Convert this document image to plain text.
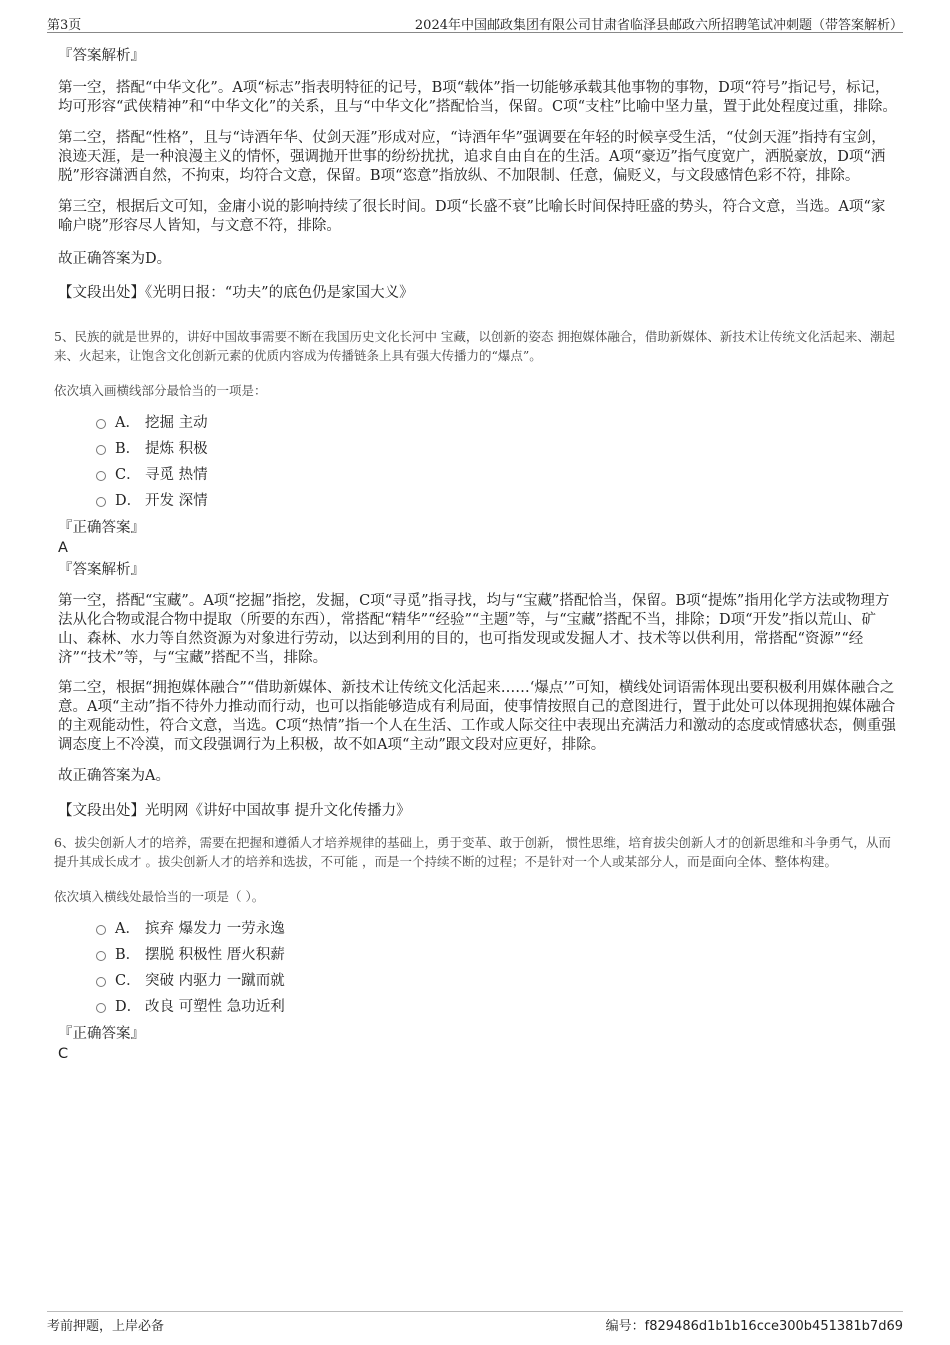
第3页	2024年中国邮政集团有限公司甘肃省临泽县邮政六所招聘笔试冲刺题（带答案解析）

『答案解析』

第一空，搭配“中华文化”。A项“标志”指表明特征的记号，B项“载体”指一切能够承载其他事物的事物，D项“符号”指记号，标记，均可形容“武侠精神”和“中华文化”的关系，且与“中华文化”搭配恰当，保留。C项“支柱”比喻中坚力量，置于此处程度过重，排除。

第二空，搭配“性格”，且与“诗酒年华、仗剑天涯”形成对应，“诗酒年华”强调要在年轻的时候享受生活，“仗剑天涯”指持有宝剑，浪迹天涯，是一种浪漫主义的情怀，强调抛开世事的纷纷扰扰，追求自由自在的生活。A项“豪迈”指气度宽广，洒脱豪放，D项“洒脱”形容潇洒自然，不拘束，均符合文意，保留。B项“恣意”指放纵、不加限制、任意，偏贬义，与文段感情色彩不符，排除。

第三空，根据后文可知，金庸小说的影响持续了很长时间。D项“长盛不衰”比喻长时间保持旺盛的势头，符合文意，当选。A项“家喻户晓”形容尽人皆知，与文意不符，排除。

故正确答案为D。

【文段出处】《光明日报：“功夫”的底色仍是家国大义》

5、民族的就是世界的，讲好中国故事需要不断在我国历史文化长河中 宝藏，以创新的姿态 拥抱媒体融合，借助新媒体、新技术让传统文化活起来、潮起来、火起来，让饱含文化创新元素的优质内容成为传播链条上具有强大传播力的“爆点”。

依次填入画横线部分最恰当的一项是：

A． 挖掘 主动
B． 提炼 积极
C． 寻觅 热情
D． 开发 深情

『正确答案』

A

『答案解析』

第一空，搭配“宝藏”。A项“挖掘”指挖，发掘，C项“寻觅”指寻找，均与“宝藏”搭配恰当，保留。B项“提炼”指用化学方法或物理方法从化合物或混合物中提取（所要的东西），常搭配“精华”“经验”“主题”等，与“宝藏”搭配不当，排除；D项“开发”指以荒山、矿山、森林、水力等自然资源为对象进行劳动，以达到利用的目的，也可指发现或发掘人才、技术等以供利用，常搭配“资源”“经济”“技术”等，与“宝藏”搭配不当，排除。

第二空，根据“拥抱媒体融合”“借助新媒体、新技术让传统文化活起来……‘爆点’”可知，横线处词语需体现出要积极利用媒体融合之意。A项“主动”指不待外力推动而行动，也可以指能够造成有利局面，使事情按照自己的意图进行，置于此处可以体现拥抱媒体融合的主观能动性，符合文意，当选。C项“热情”指一个人在生活、工作或人际交往中表现出充满活力和激动的态度或情感状态，侧重强调态度上不冷漠，而文段强调行为上积极，故不如A项“主动”跟文段对应更好，排除。

故正确答案为A。

【文段出处】光明网《讲好中国故事 提升文化传播力》

6、拔尖创新人才的培养，需要在把握和遵循人才培养规律的基础上，勇于变革、敢于创新， 惯性思维，培育拔尖创新人才的创新思维和斗争勇气，从而提升其成长成才 。拔尖创新人才的培养和选拔，不可能 ，而是一个持续不断的过程；不是针对一个人或某部分人，而是面向全体、整体构建。

依次填入横线处最恰当的一项是（ ）。

A． 摈弃 爆发力 一劳永逸
B． 摆脱 积极性 厝火积薪
C． 突破 内驱力 一蹴而就
D． 改良 可塑性 急功近利

『正确答案』

C

考前押题，上岸必备	编号：f829486d1b1b16cce300b451381b7d69
